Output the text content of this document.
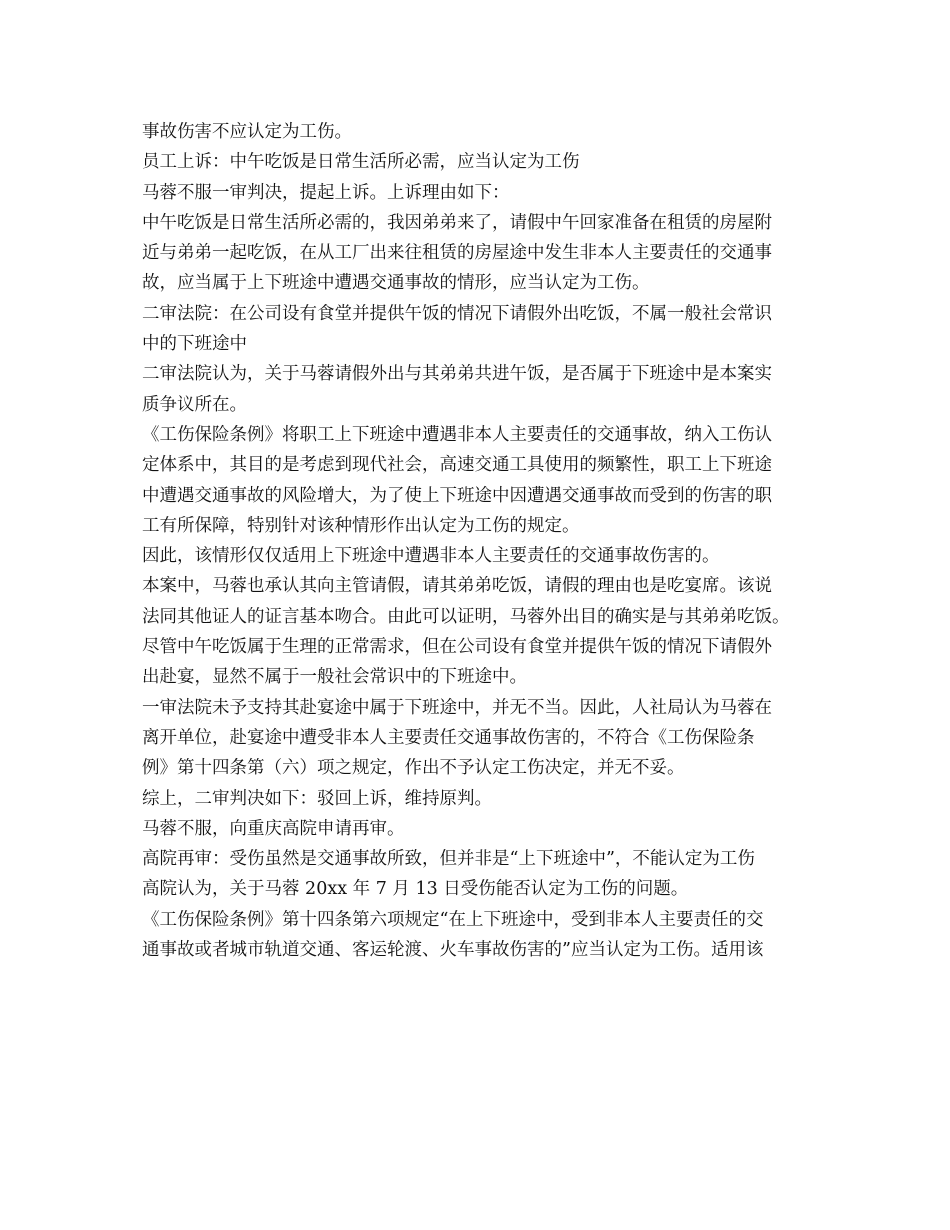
事故伤害不应认定为工伤。
员工上诉：中午吃饭是日常生活所必需，应当认定为工伤
马蓉不服一审判决，提起上诉。上诉理由如下：
中午吃饭是日常生活所必需的，我因弟弟来了，请假中午回家准备在租赁的房屋附
近与弟弟一起吃饭，在从工厂出来往租赁的房屋途中发生非本人主要责任的交通事
故，应当属于上下班途中遭遇交通事故的情形，应当认定为工伤。
二审法院：在公司设有食堂并提供午饭的情况下请假外出吃饭，不属一般社会常识
中的下班途中
二审法院认为，关于马蓉请假外出与其弟弟共进午饭，是否属于下班途中是本案实
质争议所在。
《工伤保险条例》将职工上下班途中遭遇非本人主要责任的交通事故，纳入工伤认
定体系中，其目的是考虑到现代社会，高速交通工具使用的频繁性，职工上下班途
中遭遇交通事故的风险增大，为了使上下班途中因遭遇交通事故而受到的伤害的职
工有所保障，特别针对该种情形作出认定为工伤的规定。
因此，该情形仅仅适用上下班途中遭遇非本人主要责任的交通事故伤害的。
本案中，马蓉也承认其向主管请假，请其弟弟吃饭，请假的理由也是吃宴席。该说
法同其他证人的证言基本吻合。由此可以证明，马蓉外出目的确实是与其弟弟吃饭。
尽管中午吃饭属于生理的正常需求，但在公司设有食堂并提供午饭的情况下请假外
出赴宴，显然不属于一般社会常识中的下班途中。
一审法院未予支持其赴宴途中属于下班途中，并无不当。因此，人社局认为马蓉在
离开单位，赴宴途中遭受非本人主要责任交通事故伤害的，不符合《工伤保险条
例》第十四条第（六）项之规定，作出不予认定工伤决定，并无不妥。
综上，二审判决如下：驳回上诉，维持原判。
马蓉不服，向重庆高院申请再审。
高院再审：受伤虽然是交通事故所致，但并非是“上下班途中”，不能认定为工伤
高院认为，关于马蓉 20xx 年 7 月 13 日受伤能否认定为工伤的问题。
《工伤保险条例》第十四条第六项规定“在上下班途中，受到非本人主要责任的交
通事故或者城市轨道交通、客运轮渡、火车事故伤害的”应当认定为工伤。适用该
